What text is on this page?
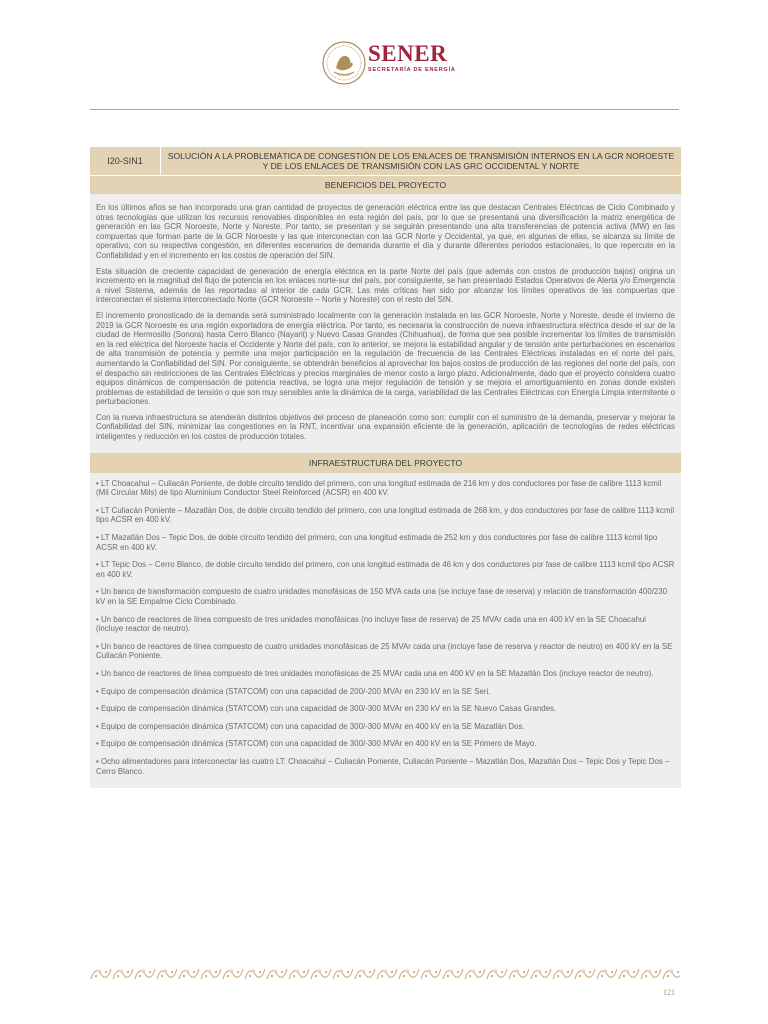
SENER
SECRETARÍA DE ENERGÍA
I20-SIN1	SOLUCIÓN A LA PROBLEMÁTICA DE CONGESTIÓN DE LOS ENLACES DE TRANSMISIÓN INTERNOS EN LA GCR NOROESTE Y DE LOS ENLACES DE TRANSMISIÓN CON LAS GRC OCCIDENTAL Y NORTE
BENEFICIOS DEL PROYECTO

En los últimos años se han incorporado una gran cantidad de proyectos de generación eléctrica entre las que destacan Centrales Eléctricas de Ciclo Combinado y otras tecnologías que utilizan los recursos renovables disponibles en esta región del país, por lo que se presentaná una diversificación la matriz energética de generación en las GCR Noroeste, Norte y Noreste. Por tanto, se presentan y se seguirán presentando una alta transferencias de potencia activa (MW) en las compuertas que forman parte de la GCR Noroeste y las que interconectan con las GCR Norte y Occidental, ya que, en algunas de ellas, se alcanza su límite de operativo, con su respectiva congestión, en diferentes escenarios de demanda durante el día y durante diferentes periodos estacionales, lo que repercute en la Confiabilidad y en el incremento en los costos de operación del SIN.

Esta situación de creciente capacidad de generación de energía eléctrica en la parte Norte del país (que además con costos de producción bajos) origina un incremento en la magnitud del flujo de potencia en los enlaces norte-sur del país, por consiguiente, se han presentado Estados Operativos de Alerta y/o Emergencia a nivel Sistema, además de las reportadas al interior de cada GCR. Las más críticas han sido por alcanzar los límites operativos de las compuertas que interconectan el sistema interconectado Norte (GCR Noroeste – Norte y Noreste) con el resto del SIN.

El incremento pronosticado de la demanda será suministrado localmente con la generación instalada en las GCR Noroeste, Norte y Noreste, desde el invierno de 2019 la GCR Noroeste es una región exportadora de energía eléctrica. Por tanto, es necesaria la construcción de nueva infraestructura eléctrica desde el sur de la ciudad de Hermosillo (Sonora) hasta Cerro Blanco (Nayarit) y Nuevo Casas Grandes (Chihuahua), de forma que sea posible incrementar los límites de transmisión en la red eléctrica del Noroeste hacia el Occidente y Norte del país, con lo anterior, se mejora la estabilidad angular y de tensión ante perturbaciones en escenarios de alta transmisión de potencia y permite una mejor participación en la regulación de frecuencia de las Centrales Eléctricas instaladas en el norte del país, aumentando la Confiabilidad del SIN. Por consiguiente, se obtendrán beneficios al aprovechar los bajos costos de producción de las regiones del norte del país, con el despacho sin restricciones de las Centrales Eléctricas y precios marginales de menor costo a largo plazo. Adicionalmente, dado que el proyecto considera cuatro equipos dinámicos de compensación de potencia reactiva, se logra una mejor regulación de tensión y se mejora el amortiguamiento en zonas donde existen problemas de estabilidad de tensión o que son muy sensibles ante la dinámica de la carga, variabilidad de las Centrales Eléctricas con Energía Limpia intermitente o perturbaciones.

Con la nueva infraestructura se atenderán distintos objetivos del proceso de planeación como son: cumplir con el suministro de la demanda, preservar y mejorar la Confiabilidad del SIN, minimizar las congestiones en la RNT, incentivar una expansión eficiente de la generación, aplicación de tecnologías de redes eléctricas inteligentes y reducción en los costos de producción totales.

INFRAESTRUCTURA DEL PROYECTO

• LT Choacahui – Culiacán Poniente, de doble circuito tendido del primero, con una longitud estimada de 216 km y dos conductores por fase de calibre 1113 kcmil (Mil Circular Mils) de tipo Aluminium Conductor Steel Reinforced (ACSR) en 400 kV.

• LT Culiacán Poniente – Mazatlán Dos, de doble circuito tendido del primero, con una longitud estimada de 268 km, y dos conductores por fase de calibre 1113 kcmil tipo ACSR en 400 kV.

• LT Mazatlán Dos – Tepic Dos, de doble circuito tendido del primero, con una longitud estimada de 252 km y dos conductores por fase de calibre 1113 kcmil tipo ACSR en 400 kV.

• LT Tepic Dos – Cerro Blanco, de doble circuito tendido del primero, con una longitud estimada de 46 km y dos conductores por fase de calibre 1113 kcmil tipo ACSR en 400 kV.

• Un banco de transformación compuesto de cuatro unidades monofásicas de 150 MVA cada una (se incluye fase de reserva) y relación de transformación 400/230 kV en la SE Empalme Ciclo Combinado.

• Un banco de reactores de línea compuesto de tres unidades monofásicas (no incluye fase de reserva) de 25 MVAr cada una en 400 kV en la SE Choacahui (incluye reactor de neutro).

• Un banco de reactores de línea compuesto de cuatro unidades monofásicas de 25 MVAr cada una (incluye fase de reserva y reactor de neutro) en 400 kV en la SE Culiacán Poniente.

• Un banco de reactores de línea compuesto de tres unidades monofásicas de 25 MVAr cada una en 400 kV en la SE Mazatlán Dos (incluye reactor de neutro).

• Equipo de compensación dinámica (STATCOM) con una capacidad de 200/-200 MVAr en 230 kV en la SE Seri.

• Equipo de compensación dinámica (STATCOM) con una capacidad de 300/-300 MVAr en 230 kV en la SE Nuevo Casas Grandes.

• Equipo de compensación dinámica (STATCOM) con una capacidad de 300/-300 MVAr en 400 kV en la SE Mazatlán Dos.

• Equipo de compensación dinámica (STATCOM) con una capacidad de 300/-300 MVAr en 400 kV en la SE Primero de Mayo.

• Ocho alimentadores para interconectar las cuatro LT: Choacahui – Culiacán Poniente, Culiacán Poniente – Mazatlán Dos, Mazatlán Dos – Tepic Dos y Tepic Dos – Cerro Blanco.

121
